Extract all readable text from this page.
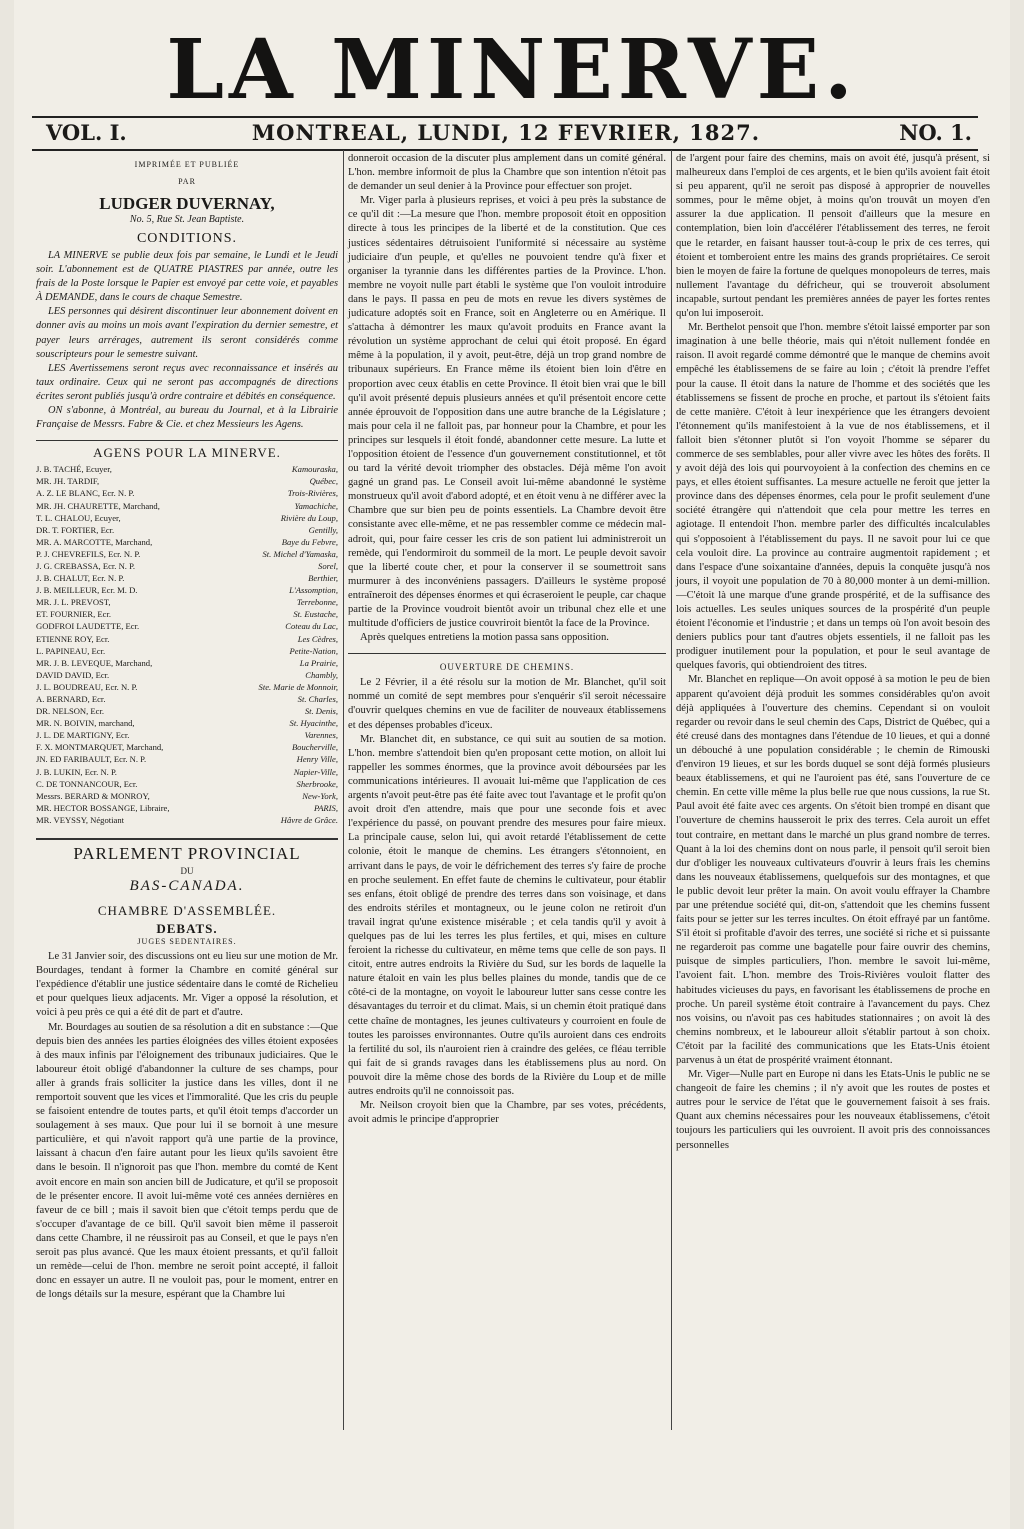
LA MINERVE.
VOL. I.	MONTREAL, LUNDI, 12 FEVRIER, 1827.	NO. 1.

IMPRIMÉE ET PUBLIÉE

PAR

LUDGER DUVERNAY,

No. 5, Rue St. Jean Baptiste.

CONDITIONS.

LA MINERVE se publie deux fois par semaine, le Lundi et le Jeudi soir. L'abonnement est de QUATRE PIASTRES par année, outre les frais de la Poste lorsque le Papier est envoyé par cette voie, et payables À DEMANDE, dans le cours de chaque Semestre.

LES personnes qui désirent discontinuer leur abonnement doivent en donner avis au moins un mois avant l'expiration du dernier semestre, et payer leurs arrérages, autrement ils seront considérés comme souscripteurs pour le semestre suivant.

LES Avertissemens seront reçus avec reconnaissance et insérés au taux ordinaire. Ceux qui ne seront pas accompagnés de directions écrites seront publiés jusqu'à ordre contraire et débités en conséquence.

ON s'abonne, à Montréal, au bureau du Journal, et à la Librairie Française de Messrs. Fabre & Cie. et chez Messieurs les Agens.

AGENS POUR LA MINERVE.

J. B. TACHÉ, Ecuyer,	Kamouraska,
MR. JH. TARDIF,	Québec,
A. Z. LE BLANC, Ecr. N. P.	Trois-Rivières,
MR. JH. CHAURETTE, Marchand,	Yamachiche,
T. L. CHALOU, Ecuyer,	Rivière du Loup,
DR. T. FORTIER, Ecr.	Gentilly,
MR. A. MARCOTTE, Marchand,	Baye du Febvre,
P. J. CHEVREFILS, Ecr. N. P.	St. Michel d'Yamaska,
J. G. CREBASSA, Ecr. N. P.	Sorel,
J. B. CHALUT, Ecr. N. P.	Berthier,
J. B. MEILLEUR, Ecr. M. D.	L'Assomption,
MR. J. L. PREVOST,	Terrebonne,
ET. FOURNIER, Ecr.	St. Eustache,
GODFROI LAUDETTE, Ecr.	Coteau du Lac,
ETIENNE ROY, Ecr.	Les Cèdres,
L. PAPINEAU, Ecr.	Petite-Nation,
MR. J. B. LEVEQUE, Marchand,	La Prairie,
DAVID DAVID, Ecr.	Chambly,
J. L. BOUDREAU, Ecr. N. P.	Ste. Marie de Monnoir,
A. BERNARD, Ecr.	St. Charles,
DR. NELSON, Ecr.	St. Denis,
MR. N. BOIVIN, marchand,	St. Hyacinthe,
J. L. DE MARTIGNY, Ecr.	Varennes,
F. X. MONTMARQUET, Marchand,	Boucherville,
JN. ED FARIBAULT, Ecr. N. P.	Henry Ville,
J. B. LUKIN, Ecr. N. P.	Napier-Ville,
C. DE TONNANCOUR, Ecr.	Sherbrooke,
Messrs. BERARD & MONROY,	New-York,
MR. HECTOR BOSSANGE, Libraire,	PARIS,
MR. VEYSSY, Négotiant	Hâvre de Grâce.

PARLEMENT PROVINCIAL

DU

BAS-CANADA.

CHAMBRE D'ASSEMBLÉE.

DEBATS.

JUGES SEDENTAIRES.

Le 31 Janvier soir, des discussions ont eu lieu sur une motion de Mr. Bourdages, tendant à former la Chambre en comité général sur l'expédience d'établir une justice sédentaire dans le comté de Richelieu et pour quelques lieux adjacents. Mr. Viger a opposé la résolution, et voici à peu près ce qui a été dit de part et d'autre.

Mr. Bourdages au soutien de sa résolution a dit en substance :—Que depuis bien des années les parties éloignées des villes étoient exposées à des maux infinis par l'éloignement des tribunaux judiciaires. Que le laboureur étoit obligé d'abandonner la culture de ses champs, pour aller à grands frais solliciter la justice dans les villes, dont il ne remportoit souvent que les vices et l'immoralité. Que les cris du peuple se faisoient entendre de toutes parts, et qu'il étoit temps d'accorder un soulagement à ses maux. Que pour lui il se bornoit à une mesure particulière, et qui n'avoit rapport qu'à une partie de la province, laissant à chacun d'en faire autant pour les lieux qu'ils savoient être dans le besoin. Il n'ignoroit pas que l'hon. membre du comté de Kent avoit encore en main son ancien bill de Judicature, et qu'il se proposoit de le présenter encore. Il avoit lui-même voté ces années dernières en faveur de ce bill ; mais il savoit bien que c'étoit temps perdu que de s'occuper d'avantage de ce bill. Qu'il savoit bien même il passeroit dans cette Chambre, il ne réussiroit pas au Conseil, et que le pays n'en seroit pas plus avancé. Que les maux étoient pressants, et qu'il falloit un remède—celui de l'hon. membre ne seroit point accepté, il falloit donc en essayer un autre. Il ne vouloit pas, pour le moment, entrer en de longs détails sur la mesure, espérant que la Chambre lui

donneroit occasion de la discuter plus amplement dans un comité général. L'hon. membre informoit de plus la Chambre que son intention n'étoit pas de demander un seul denier à la Province pour effectuer son projet.

Mr. Viger parla à plusieurs reprises, et voici à peu près la substance de ce qu'il dit :—La mesure que l'hon. membre proposoit étoit en opposition directe à tous les principes de la liberté et de la constitution. Que ces justices sédentaires détruisoient l'uniformité si nécessaire au système judiciaire d'un peuple, et qu'elles ne pouvoient tendre qu'à fixer et organiser la tyrannie dans les différentes parties de la Province. L'hon. membre ne voyoit nulle part établi le système que l'on vouloit introduire dans le pays. Il passa en peu de mots en revue les divers systèmes de judicature adoptés soit en France, soit en Angleterre ou en Amérique. Il s'attacha à démontrer les maux qu'avoit produits en France avant la révolution un système approchant de celui qui étoit proposé. En égard même à la population, il y avoit, peut-être, déjà un trop grand nombre de tribunaux supérieurs. En France même ils étoient bien loin d'être en proportion avec ceux établis en cette Province. Il étoit bien vrai que le bill qu'il avoit présenté depuis plusieurs années et qu'il présentoit encore cette année éprouvoit de l'opposition dans une autre branche de la Législature ; mais pour cela il ne falloit pas, par honneur pour la Chambre, et pour les principes sur lesquels il étoit fondé, abandonner cette mesure. La lutte et l'opposition étoient de l'essence d'un gouvernement constitutionnel, et tôt ou tard la vérité devoit triompher des obstacles. Déjà même l'on avoit gagné un grand pas. Le Conseil avoit lui-même abandonné le système monstrueux qu'il avoit d'abord adopté, et en étoit venu à ne différer avec la Chambre que sur bien peu de points essentiels. La Chambre devoit être consistante avec elle-même, et ne pas ressembler comme ce médecin mal-adroit, qui, pour faire cesser les cris de son patient lui administreroit un remède, qui l'endormiroit du sommeil de la mort. Le peuple devoit savoir que la liberté coute cher, et pour la conserver il se soumettroit sans murmurer à des inconvéniens passagers. D'ailleurs le système proposé entraîneroit des dépenses énormes et qui écraseroient le peuple, car chaque partie de la Province voudroit bientôt avoir un tribunal chez elle et une multitude d'officiers de justice couvriroit bientôt la face de la Province.

Après quelques entretiens la motion passa sans opposition.

OUVERTURE DE CHEMINS.

Le 2 Février, il a été résolu sur la motion de Mr. Blanchet, qu'il soit nommé un comité de sept membres pour s'enquérir s'il seroit nécessaire d'ouvrir quelques chemins en vue de faciliter de nouveaux établissemens et des dépenses probables d'iceux.

Mr. Blanchet dit, en substance, ce qui suit au soutien de sa motion. L'hon. membre s'attendoit bien qu'en proposant cette motion, on alloit lui rappeller les sommes énormes, que la province avoit déboursées par les communications intérieures. Il avouait lui-même que l'application de ces argents n'avoit peut-être pas été faite avec tout l'avantage et le profit qu'on avoit droit d'en attendre, mais que pour une seconde fois et avec l'expérience du passé, on pouvant prendre des mesures pour faire mieux. La principale cause, selon lui, qui avoit retardé l'établissement de cette colonie, étoit le manque de chemins. Les étrangers s'étonnoient, en arrivant dans le pays, de voir le défrichement des terres s'y faire de proche en proche seulement. En effet faute de chemins le cultivateur, pour établir ses enfans, étoit obligé de prendre des terres dans son voisinage, et dans des endroits stériles et montagneux, ou le jeune colon ne retiroit d'un travail ingrat qu'une existence misérable ; et cela tandis qu'il y avoit à quelques pas de lui les terres les plus fertiles, et qui, mises en culture feroient la richesse du cultivateur, en même tems que celle de son pays. Il citoit, entre autres endroits la Rivière du Sud, sur les bords de laquelle la nature étaloit en vain les plus belles plaines du monde, tandis que de ce côté-ci de la montagne, on voyoit le laboureur lutter sans cesse contre les désavantages du terroir et du climat. Mais, si un chemin étoit pratiqué dans cette chaîne de montagnes, les jeunes cultivateurs y courroient en foule de toutes les paroisses environnantes. Outre qu'ils auroient dans ces endroits la fertilité du sol, ils n'auroient rien à craindre des gelées, ce fléau terrible qui fait de si grands ravages dans les établissemens plus au nord. On pouvoit dire la même chose des bords de la Rivière du Loup et de mille autres endroits qu'il ne connoissoit pas.

Mr. Neilson croyoit bien que la Chambre, par ses votes, précédents, avoit admis le principe d'approprier

de l'argent pour faire des chemins, mais on avoit été, jusqu'à présent, si malheureux dans l'emploi de ces argents, et le bien qu'ils avoient fait étoit si peu apparent, qu'il ne seroit pas disposé à approprier de nouvelles sommes, pour le même objet, à moins qu'on trouvât un moyen d'en assurer la due application. Il pensoit d'ailleurs que la mesure en contemplation, bien loin d'accélérer l'établissement des terres, ne feroit que le retarder, en faisant hausser tout-à-coup le prix de ces terres, qui étoient et tomberoient entre les mains des grands propriétaires. Ce seroit bien le moyen de faire la fortune de quelques monopoleurs de terres, mais nullement l'avantage du défricheur, qui se trouveroit absolument incapable, surtout pendant les premières années de payer les fortes rentes qu'on lui imposeroit.

Mr. Berthelot pensoit que l'hon. membre s'étoit laissé emporter par son imagination à une belle théorie, mais qui n'étoit nullement fondée en raison. Il avoit regardé comme démontré que le manque de chemins avoit empêché les établissemens de se faire au loin ; c'étoit là prendre l'effet pour la cause. Il étoit dans la nature de l'homme et des sociétés que les établissemens se fissent de proche en proche, et partout ils s'étoient faits de cette manière. C'étoit à leur inexpérience que les étrangers devoient l'étonnement qu'ils manifestoient à la vue de nos établissemens, et il falloit bien s'étonner plutôt si l'on voyoit l'homme se séparer du commerce de ses semblables, pour aller vivre avec les hôtes des forêts. Il y avoit déjà des lois qui pourvoyoient à la confection des chemins en ce pays, et elles étoient suffisantes. La mesure actuelle ne feroit que jetter la province dans des dépenses énormes, cela pour le profit seulement d'une société étrangère qui n'attendoit que cela pour mettre les terres en agiotage. Il entendoit l'hon. membre parler des difficultés incalculables qui s'opposoient à l'établissement du pays. Il ne savoit pour lui ce que cela vouloit dire. La province au contraire augmentoit rapidement ; et dans l'espace d'une soixantaine d'années, depuis la conquête jusqu'à nos jours, il voyoit une population de 70 à 80,000 monter à un demi-million.—C'étoit là une marque d'une grande prospérité, et de la suffisance des lois actuelles. Les seules uniques sources de la prospérité d'un peuple étoient l'économie et l'industrie ; et dans un temps où l'on avoit besoin des deniers publics pour tant d'autres objets essentiels, il ne falloit pas les prodiguer inutilement pour la population, et pour le seul avantage de quelques favoris, qui obtiendroient des titres.

Mr. Blanchet en replique—On avoit opposé à sa motion le peu de bien apparent qu'avoient déjà produit les sommes considérables qu'on avoit déjà appliquées à l'ouverture des chemins. Cependant si on vouloit regarder ou revoir dans le seul chemin des Caps, District de Québec, qui a été creusé dans des montagnes dans l'étendue de 10 lieues, et qui a donné un débouché à une population considérable ; le chemin de Rimouski d'environ 19 lieues, et sur les bords duquel se sont déjà formés plusieurs beaux établissemens, et qui ne l'auroient pas été, sans l'ouverture de ce chemin. En cette ville même la plus belle rue que nous cussions, la rue St. Paul avoit été faite avec ces argents. On s'étoit bien trompé en disant que l'ouverture de chemins hausseroit le prix des terres. Cela auroit un effet tout contraire, en mettant dans le marché un plus grand nombre de terres. Quant à la loi des chemins dont on nous parle, il pensoit qu'il seroit bien dur d'obliger les nouveaux cultivateurs d'ouvrir à leurs frais les chemins dans les nouveaux établissemens, quelquefois sur des montagnes, et que le public devoit leur prêter la main. On avoit voulu effrayer la Chambre par une prétendue société qui, dit-on, s'attendoit que les chemins fussent faits pour se jetter sur les terres incultes. On étoit effrayé par un fantôme. S'il étoit si profitable d'avoir des terres, une société si riche et si puissante ne regarderoit pas comme une bagatelle pour faire ouvrir des chemins, puisque de simples particuliers, l'hon. membre le savoit lui-même, l'avoient fait. L'hon. membre des Trois-Rivières vouloit flatter des habitudes vicieuses du pays, en favorisant les établissemens de proche en proche. Un pareil système étoit contraire à l'avancement du pays. Chez nos voisins, ou n'avoit pas ces habitudes stationnaires ; on avoit là des chemins nombreux, et le laboureur alloit s'établir partout à son choix. C'étoit par la facilité des communications que les Etats-Unis étoient parvenus à un état de prospérité vraiment étonnant.

Mr. Viger—Nulle part en Europe ni dans les Etats-Unis le public ne se changeoit de faire les chemins ; il n'y avoit que les routes de postes et autres pour le service de l'état que le gouvernement faisoit à ses frais. Quant aux chemins nécessaires pour les nouveaux établissemens, c'étoit toujours les particuliers qui les ouvroient. Il avoit pris des connoissances personnelles
